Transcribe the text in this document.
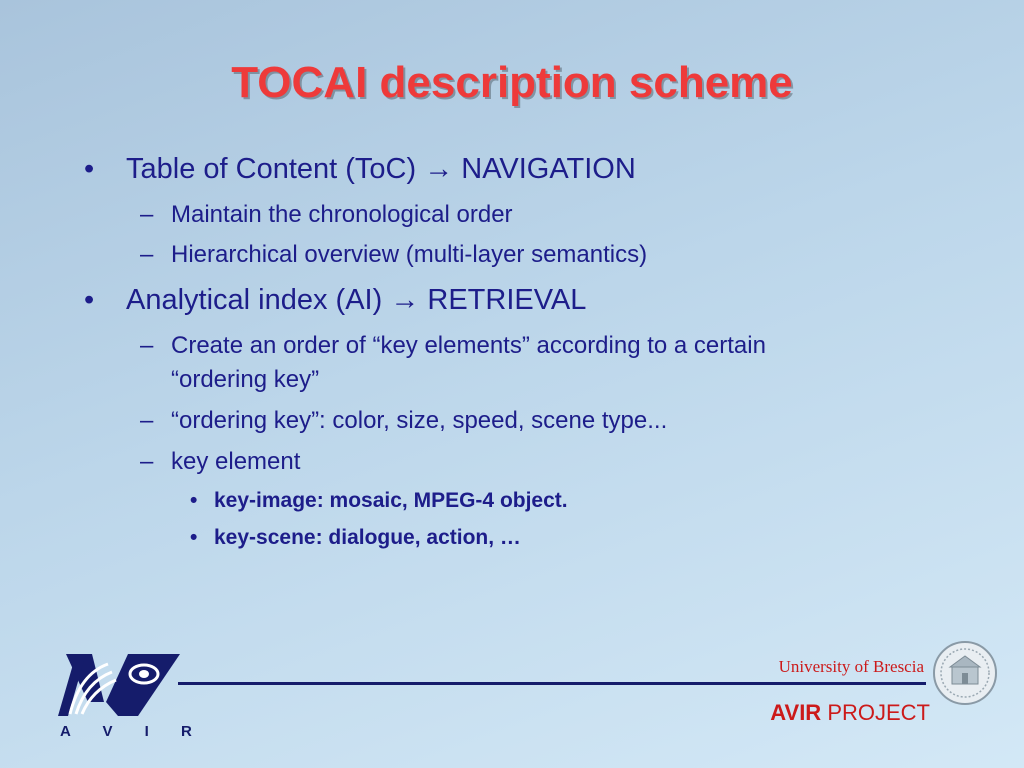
TOCAI description scheme
• Table of Content (ToC) → NAVIGATION
– Maintain the chronological order
– Hierarchical overview (multi-layer semantics)
• Analytical index (AI) → RETRIEVAL
– Create an order of “key elements” according to a certain
“ordering key”
– “ordering key”: color, size, speed, scene type...
– key element
• key-image: mosaic, MPEG-4 object.
• key-scene: dialogue, action, …
A V I R
University of Brescia
AVIR PROJECT
